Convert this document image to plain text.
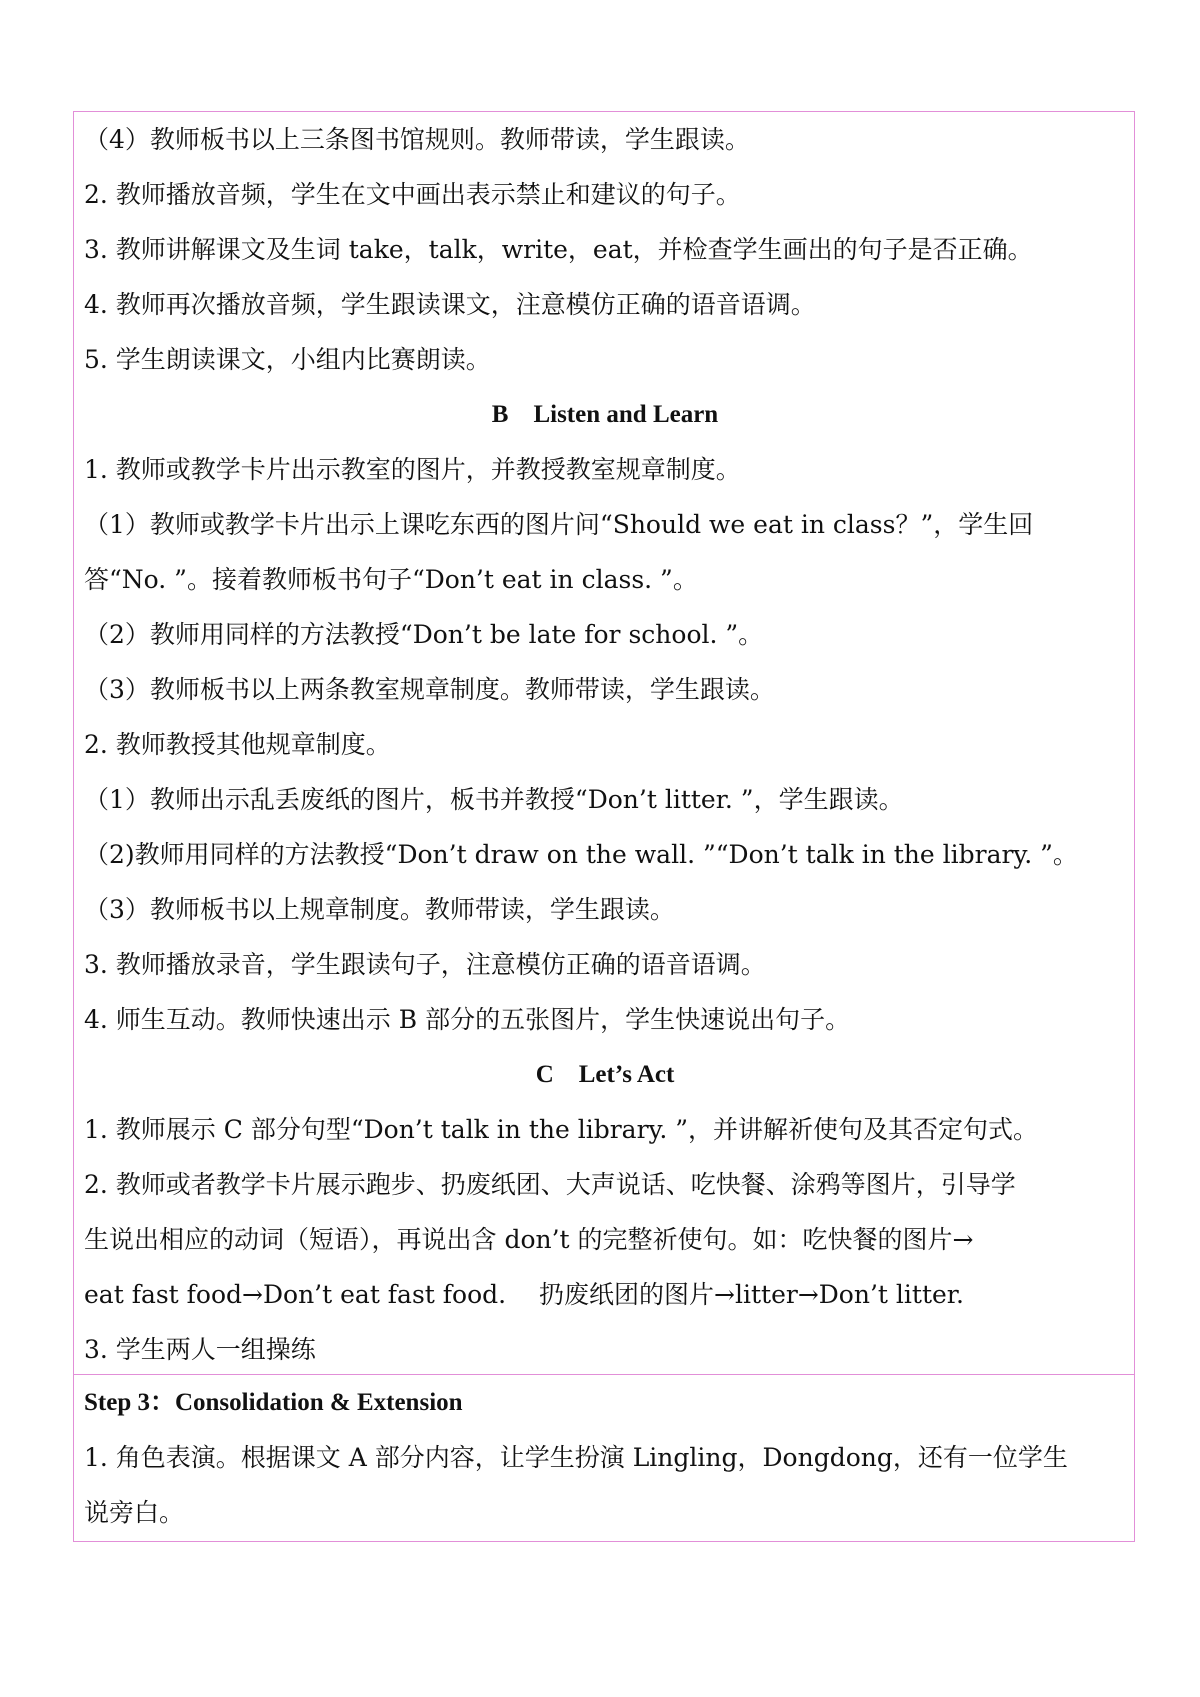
（4）教师板书以上三条图书馆规则。教师带读，学生跟读。
2. 教师播放音频，学生在文中画出表示禁止和建议的句子。
3. 教师讲解课文及生词 take，talk，write，eat，并检查学生画出的句子是否正确。
4. 教师再次播放音频，学生跟读课文，注意模仿正确的语音语调。
5. 学生朗读课文，小组内比赛朗读。
B　Listen and Learn
1. 教师或教学卡片出示教室的图片，并教授教室规章制度。
（1）教师或教学卡片出示上课吃东西的图片问“Should we eat in class？”，学生回
答“No. ”。接着教师板书句子“Don’t eat in class. ”。
（2）教师用同样的方法教授“Don’t be late for school. ”。
（3）教师板书以上两条教室规章制度。教师带读，学生跟读。
2. 教师教授其他规章制度。
（1）教师出示乱丢废纸的图片，板书并教授“Don’t litter. ”，学生跟读。
（2)教师用同样的方法教授“Don’t draw on the wall. ”“Don’t talk in the library. ”。
（3）教师板书以上规章制度。教师带读，学生跟读。
3. 教师播放录音，学生跟读句子，注意模仿正确的语音语调。
4. 师生互动。教师快速出示 B 部分的五张图片，学生快速说出句子。
C　Let’s Act
1. 教师展示 C 部分句型“Don’t talk in the library. ”，并讲解祈使句及其否定句式。
2. 教师或者教学卡片展示跑步、扔废纸团、大声说话、吃快餐、涂鸦等图片，引导学
生说出相应的动词（短语），再说出含 don’t 的完整祈使句。如：吃快餐的图片→
eat fast food→Don’t eat fast food.　 扔废纸团的图片→litter→Don’t litter.
3. 学生两人一组操练
Step 3：Consolidation & Extension
1. 角色表演。根据课文 A 部分内容，让学生扮演 Lingling，Dongdong，还有一位学生
说旁白。
